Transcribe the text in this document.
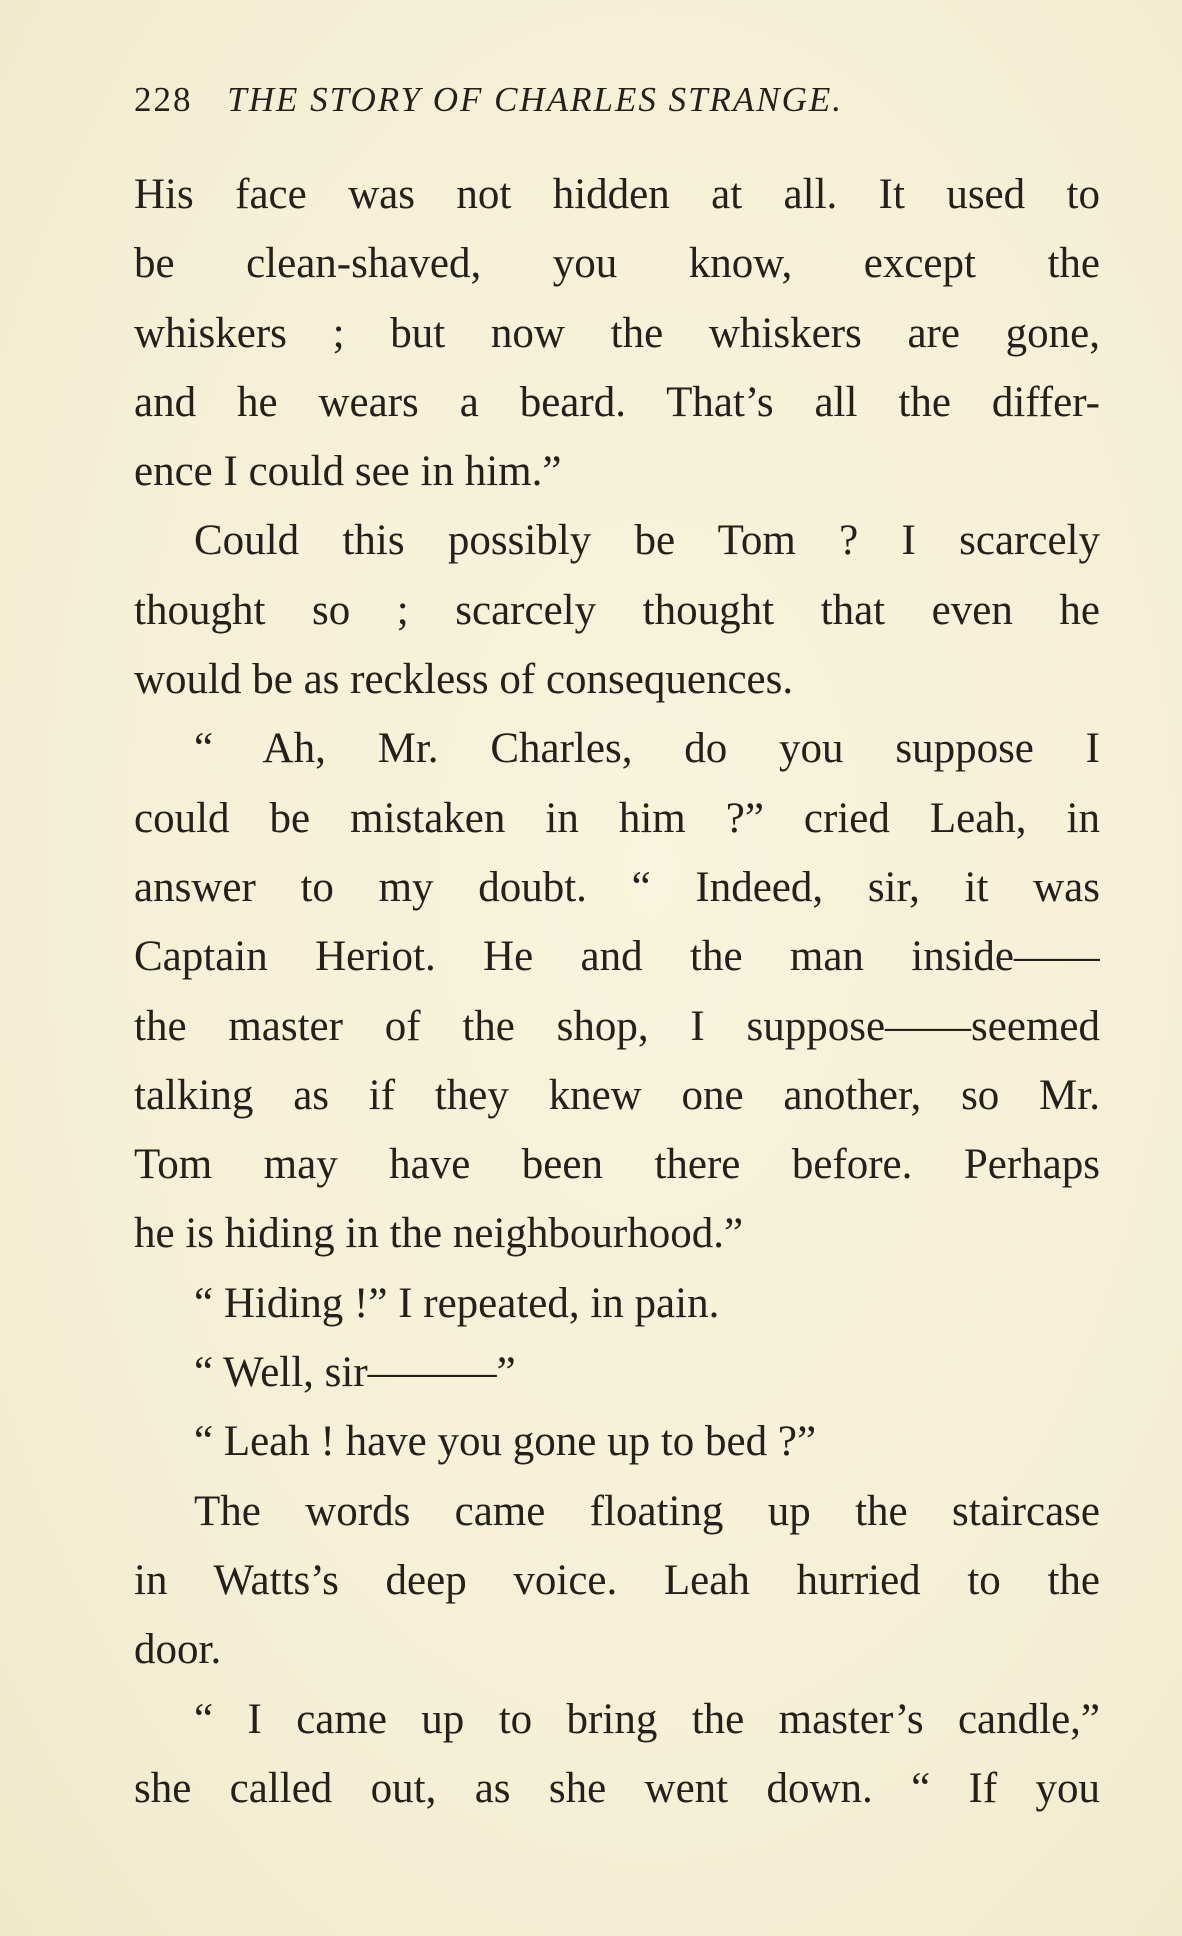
228 THE STORY OF CHARLES STRANGE.
His face was not hidden at all. It used to
be clean-shaved, you know, except the
whiskers ; but now the whiskers are gone,
and he wears a beard. That’s all the differ-
ence I could see in him.”
Could this possibly be Tom ? I scarcely
thought so ; scarcely thought that even he
would be as reckless of consequences.
“ Ah, Mr. Charles, do you suppose I
could be mistaken in him ?” cried Leah, in
answer to my doubt. “ Indeed, sir, it was
Captain Heriot. He and the man inside——
the master of the shop, I suppose——seemed
talking as if they knew one another, so Mr.
Tom may have been there before. Perhaps
he is hiding in the neighbourhood.”
“ Hiding !” I repeated, in pain.
“ Well, sir———”
“ Leah ! have you gone up to bed ?”
The words came floating up the staircase
in Watts’s deep voice. Leah hurried to the
door.
“ I came up to bring the master’s candle,”
she called out, as she went down. “ If you
